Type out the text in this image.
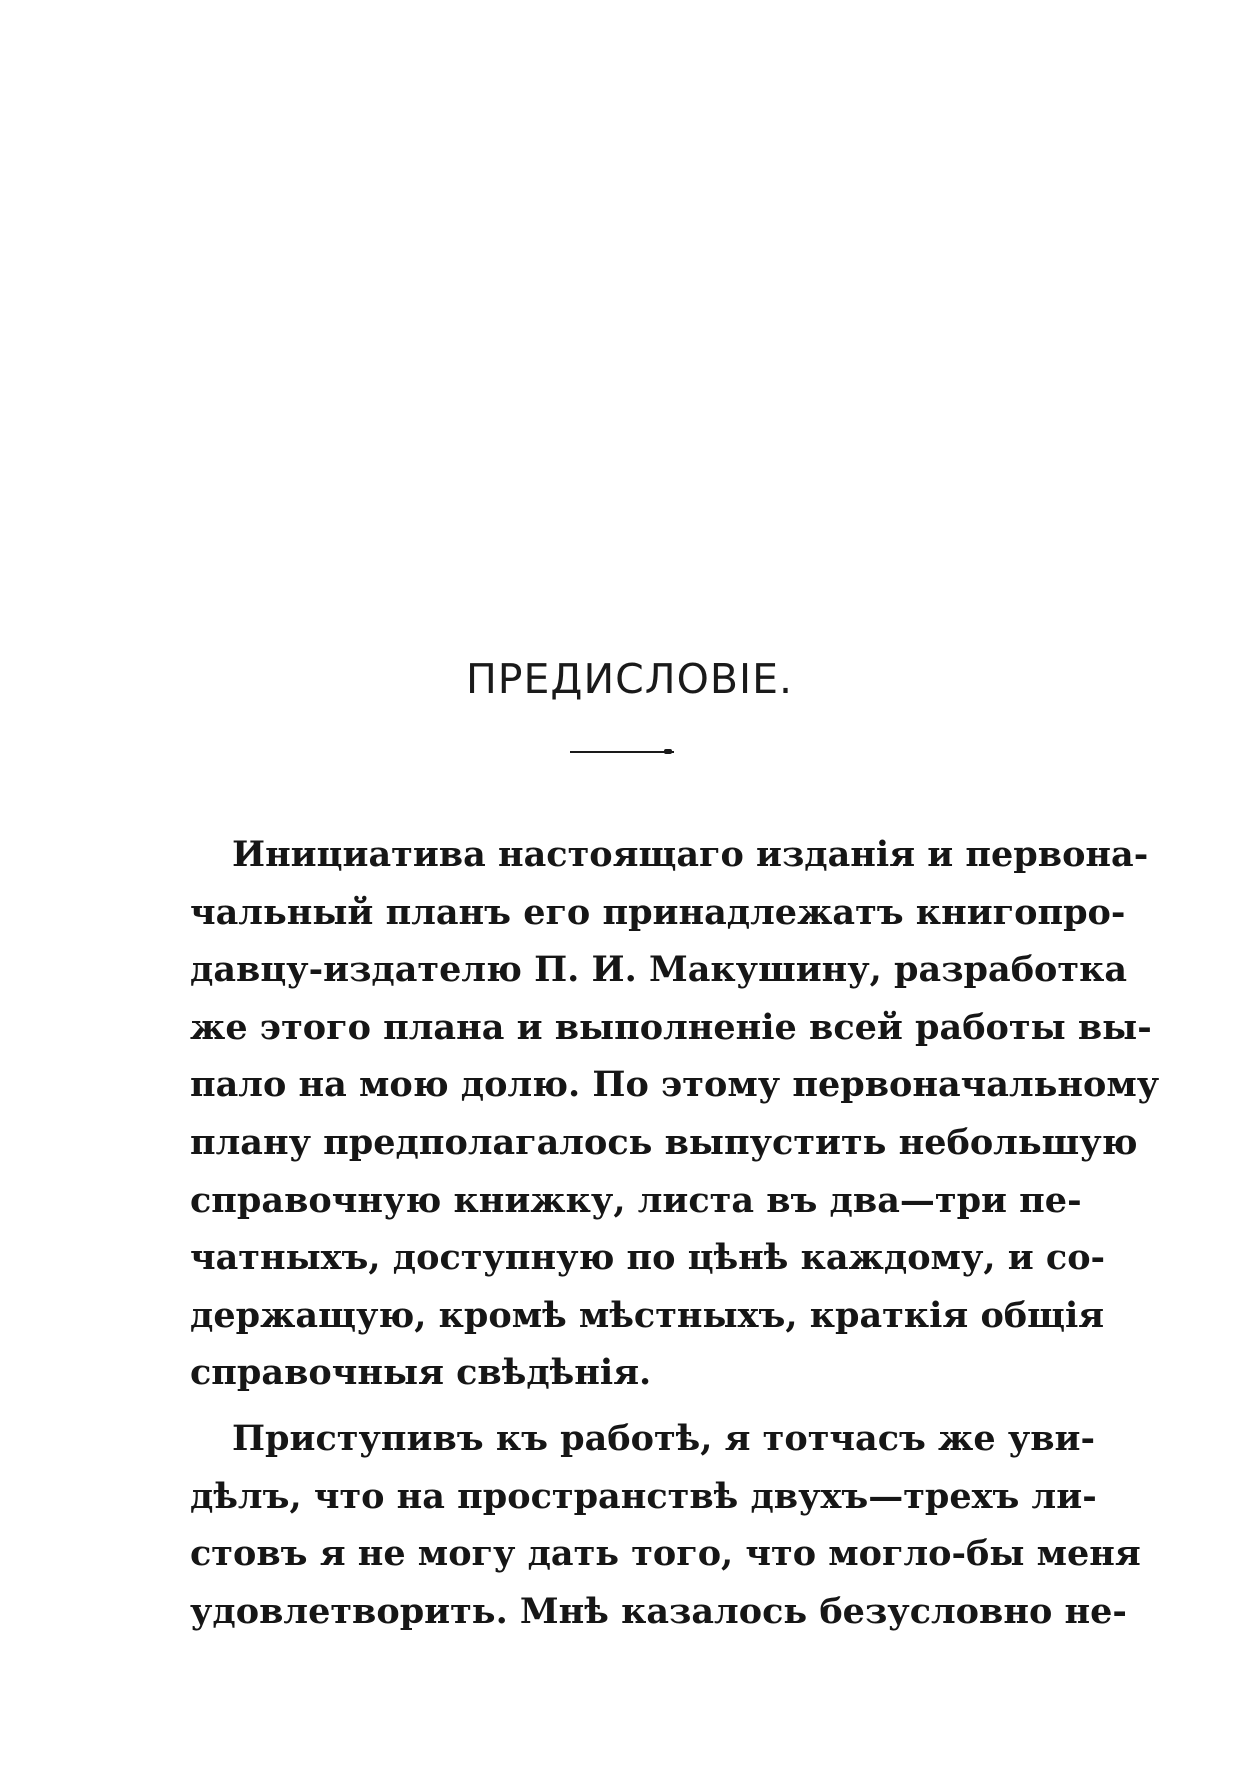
ПРЕДИСЛОВІЕ.
Инициатива настоящаго изданія и первона-
чальный планъ его принадлежатъ книгопро-
давцу-издателю П. И. Макушину, разработка
же этого плана и выполненіе всей работы вы-
пало на мою долю. По этому первоначальному
плану предполагалось выпустить небольшую
справочную книжку, листа въ два—три пе-
чатныхъ, доступную по цѣнѣ каждому, и со-
держащую, кромѣ мѣстныхъ, краткія общія
справочныя свѣдѣнія.
Приступивъ къ работѣ, я тотчасъ же уви-
дѣлъ, что на пространствѣ двухъ—трехъ ли-
стовъ я не могу дать того, что могло-бы меня
удовлетворить. Мнѣ казалось безусловно не-
